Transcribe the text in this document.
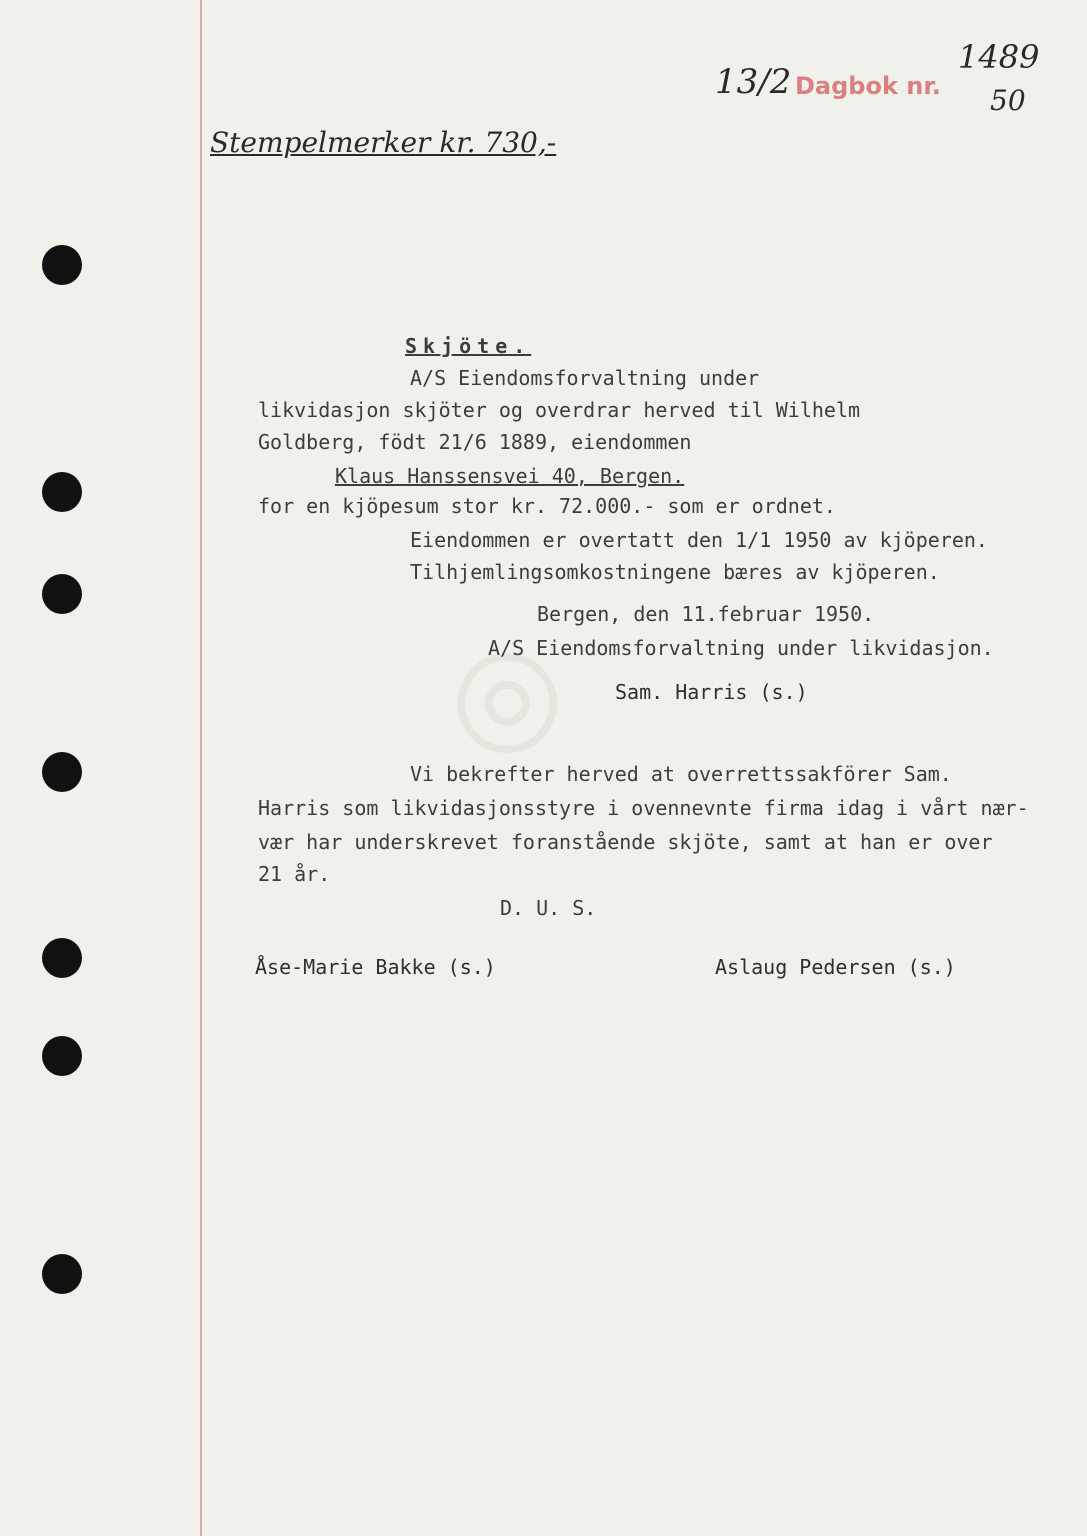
◎
13/2 Dagbok nr.
1489
50
Stempelmerker kr. 730,-
Skjöte.
A/S Eiendomsforvaltning under
likvidasjon skjöter og overdrar herved til Wilhelm
Goldberg, födt 21/6 1889, eiendommen
Klaus Hanssensvei 40, Bergen.
for en kjöpesum stor kr. 72.000.- som er ordnet.
Eiendommen er overtatt den 1/1 1950 av kjöperen.
Tilhjemlingsomkostningene bæres av kjöperen.
Bergen, den 11.februar 1950.
A/S Eiendomsforvaltning under likvidasjon.
Sam. Harris (s.)
Vi bekrefter herved at overrettssakförer Sam.
Harris som likvidasjonsstyre i ovennevnte firma idag i vårt nær-
vær har underskrevet foranstående skjöte, samt at han er over
21 år.
D. U. S.
Åse-Marie Bakke (s.)	Aslaug Pedersen (s.)
